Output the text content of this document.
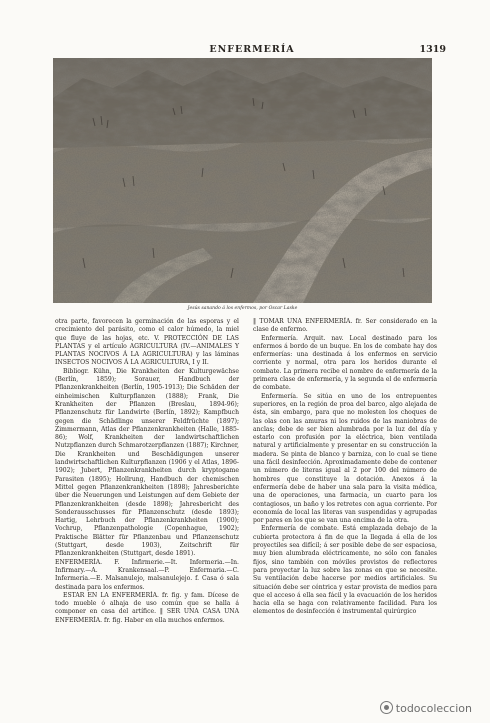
ENFERMERÍA	1319
Jesús sanando á los enfermos, por Oscar Laske

otra parte, favorecen la germinación de las esporas y el crecimiento del parásito, como el calor húmedo, la miel que fluye de las hojas, etc. V. PROTECCIÓN DE LAS PLANTAS y el artículo AGRICULTURA (IV.—ANIMALES Y PLANTAS NOCIVOS Á LA AGRICULTURA) y las láminas INSECTOS NOCIVOS Á LA AGRICULTURA, I y II.

Bibliogr. Kühn, Die Krankheiten der Kulturgewächse (Berlín, 1859); Sorauer, Handbuch der Pflanzenkrankheiten (Berlín, 1905-1913); Die Schäden der einheimischen Kulturpflanzen (1888); Frank, Die Krankheiten der Pflanzen (Breslau, 1894-96); Pflanzenschutz für Landwirte (Berlín, 1892); Kampfbuch gegen die Schädlinge unserer Feldfrüchte (1897); Zimmermann, Atlas der Pflanzenkrankheiten (Halle, 1885-86); Wolf, Krankheiten der landwirtschaftlichen Nutzpflanzen durch Schmarotzerpflanzen (1887); Kirchner, Die Krankheiten und Beschädigungen unserer landwirtschaftlichen Kulturpflanzen (1906 y el Atlas, 1896-1902); Jubert, Pflanzenkrankheiten durch kryptogame Parasiten (1895); Hollrung, Handbuch der chemischen Mittel gegen Pflanzenkrankheiten (1898); Jahresberichte über die Neuerungen und Leistungen auf dem Gebiete der Pflanzenkrankheiten (desde 1898); Jahresbericht des Sonderausschusses für Pflanzenschutz (desde 1893); Hartig, Lehrbuch der Pflanzenkrankheiten (1900); Vochrup, Pflanzenpathologie (Copenhague, 1902); Praktische Blätter für Pflanzenbau und Pflanzenschutz (Stuttgart, desde 1903), Zeitschrift für Pflanzenkrankheiten (Stuttgart, desde 1891).

ENFERMERÍA. F. Infirmerie.—It. Infermeria.—In. Infirmary.—A. Krankensaal.—P. Enfermaria.—C. Infermeria.—E. Malsanulejo, malsanulejejo. f. Casa ó sala destinada para los enfermos.

ESTAR EN LA ENFERMERÍA. fr. fig. y fam. Dícese de todo mueble ó alhaja de uso común que se halla á componer en casa del artífice. ‖ SER UNA CASA UNA ENFERMERÍA. fr. fig. Haber en ella muchos enfermos.

‖ TOMAR UNA ENFERMERÍA. fr. Ser considerado en la clase de enfermo.

Enfermería. Arquit. nav. Local destinado para los enfermos á bordo de un buque. En los de combate hay dos enfermerías: una destinada á los enfermos en servicio corriente y normal, otra para los heridos durante el combate. La primera recibe el nombre de enfermería de la primera clase de enfermería, y la segunda el de enfermería de combate.

Enfermería. Se sitúa en uno de los entrepuentes superiores, en la región de proa del barco, algo alejada de ésta, sin embargo, para que no molesten los choques de las olas con las amuras ni los ruidos de las maniobras de anclas; debe de ser bien alumbrada por la luz del día y estarlo con profusión por la eléctrica, bien ventilada natural y artificialmente y presentar en su construcción la madera. Se pinta de blanco y barniza, con lo cual se tiene una fácil desinfección. Aproximadamente debe de contener un número de literas igual al 2 por 100 del número de hombres que constituye la dotación. Anexos á la enfermería debe de haber una sala para la visita médica, una de operaciones, una farmacia, un cuarto para los contagiosos, un baño y los retretes con agua corriente. Por economía de local las literas van suspendidas y agrupadas por pares en los que se van una encima de la otra.

Enfermería de combate. Está emplazada debajo de la cubierta protectora á fin de que la llegada á ella de los proyectiles sea difícil; á ser posible debe de ser espaciosa, muy bien alumbrada eléctricamente, no sólo con fanales fijos, sino también con móviles provistos de reflectores para proyectar la luz sobre las zonas en que se necesite. Su ventilación debe hacerse por medios artificiales. Su situación debe ser céntrica y estar provista de medios para que el acceso á ella sea fácil y la evacuación de los heridos hacia ella se haga con relativamente facilidad. Para los elementos de desinfección é instrumental quirúrgico

todocoleccion
